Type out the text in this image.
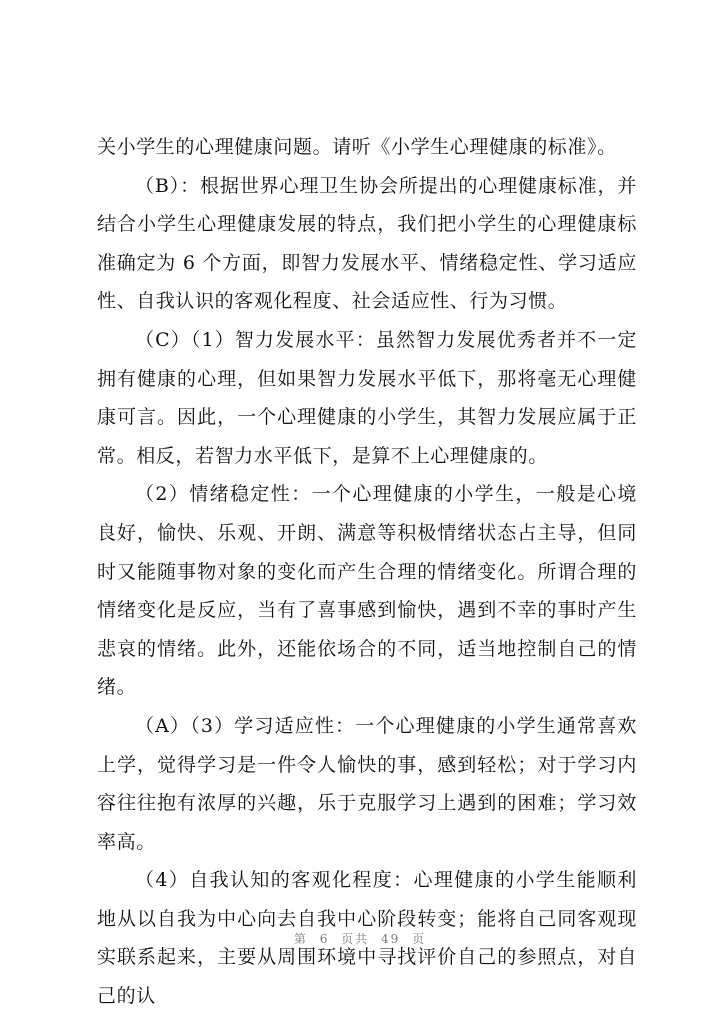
关小学生的心理健康问题。请听《小学生心理健康的标准》。

（B）：根据世界心理卫生协会所提出的心理健康标准，并结合小学生心理健康发展的特点，我们把小学生的心理健康标准确定为 6 个方面，即智力发展水平、情绪稳定性、学习适应性、自我认识的客观化程度、社会适应性、行为习惯。

（C）（1）智力发展水平：虽然智力发展优秀者并不一定拥有健康的心理，但如果智力发展水平低下，那将毫无心理健康可言。因此，一个心理健康的小学生，其智力发展应属于正常。相反，若智力水平低下，是算不上心理健康的。

（2）情绪稳定性：一个心理健康的小学生，一般是心境良好，愉快、乐观、开朗、满意等积极情绪状态占主导，但同时又能随事物对象的变化而产生合理的情绪变化。所谓合理的情绪变化是反应，当有了喜事感到愉快，遇到不幸的事时产生悲哀的情绪。此外，还能依场合的不同，适当地控制自己的情绪。

（A）（3）学习适应性：一个心理健康的小学生通常喜欢上学，觉得学习是一件令人愉快的事，感到轻松；对于学习内容往往抱有浓厚的兴趣，乐于克服学习上遇到的困难；学习效率高。

（4）自我认知的客观化程度：心理健康的小学生能顺利地从以自我为中心向去自我中心阶段转变；能将自己同客观现实联系起来，主要从周围环境中寻找评价自己的参照点，对自己的认

第 6 页共 49 页
